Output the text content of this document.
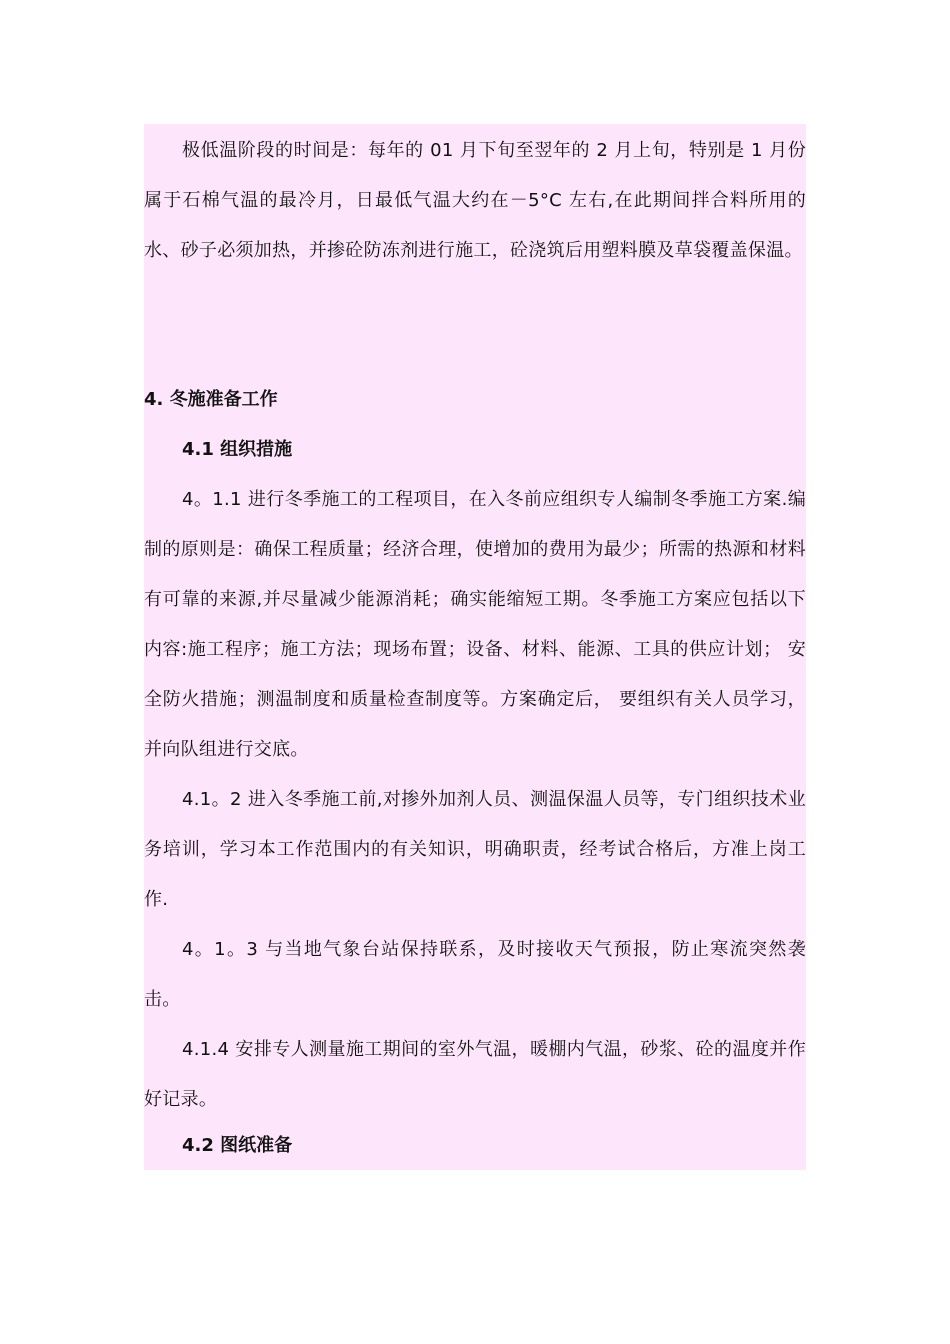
极低温阶段的时间是：每年的 01 月下旬至翌年的 2 月上旬，特别是 1 月份属于石棉气温的最冷月，日最低气温大约在－5°C 左右,在此期间拌合料所用的水、砂子必须加热，并掺砼防冻剂进行施工，砼浇筑后用塑料膜及草袋覆盖保温。

4. 冬施准备工作
4.1 组织措施

4。1.1 进行冬季施工的工程项目，在入冬前应组织专人编制冬季施工方案.编制的原则是：确保工程质量；经济合理，使增加的费用为最少；所需的热源和材料有可靠的来源,并尽量减少能源消耗；确实能缩短工期。冬季施工方案应包括以下内容:施工程序；施工方法；现场布置；设备、材料、能源、工具的供应计划； 安全防火措施；测温制度和质量检查制度等。方案确定后， 要组织有关人员学习，并向队组进行交底。

4.1。2 进入冬季施工前,对掺外加剂人员、测温保温人员等，专门组织技术业务培训，学习本工作范围内的有关知识，明确职责，经考试合格后，方准上岗工作.

4。1。3 与当地气象台站保持联系，及时接收天气预报，防止寒流突然袭击。

4.1.4 安排专人测量施工期间的室外气温，暖棚内气温，砂浆、砼的温度并作好记录。

4.2 图纸准备
